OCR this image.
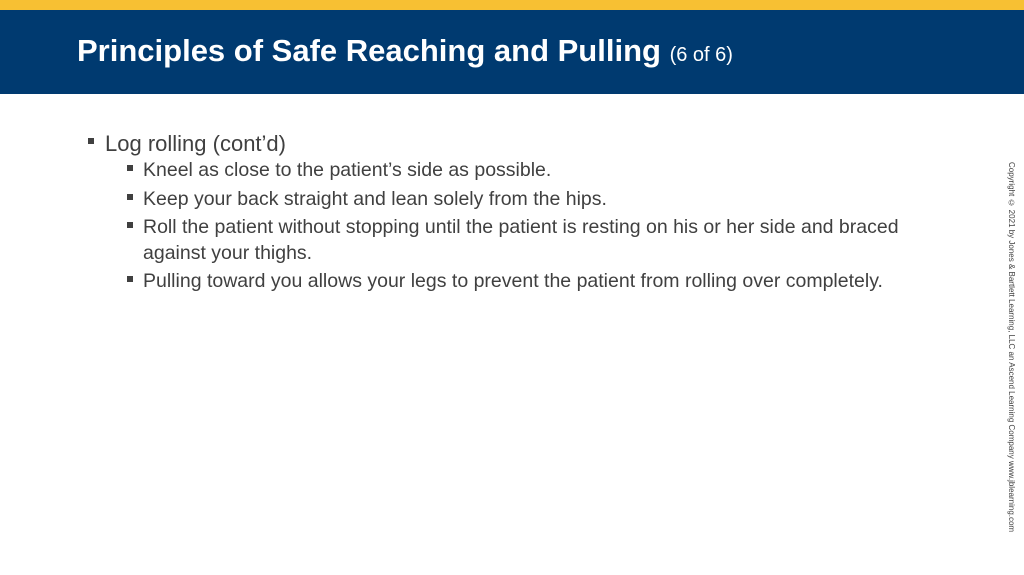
Principles of Safe Reaching and Pulling (6 of 6)
Log rolling (cont’d)
Kneel as close to the patient’s side as possible.
Keep your back straight and lean solely from the hips.
Roll the patient without stopping until the patient is resting on his or her side and braced against your thighs.
Pulling toward you allows your legs to prevent the patient from rolling over completely.	Copyright © 2021 by Jones & Bartlett Learning, LLC an Ascend Learning Company www.jblearning.com
